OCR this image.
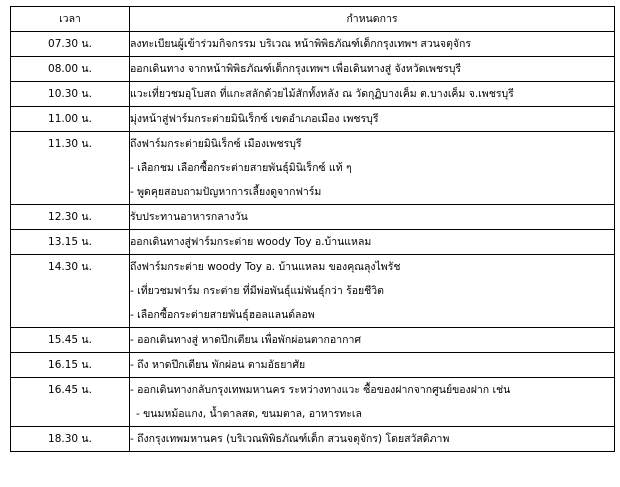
เวลา	กำหนดการ
07.30 น.	ลงทะเบียนผู้เข้าร่วมกิจกรรม บริเวณ หน้าพิพิธภัณฑ์เด็กกรุงเทพฯ สวนจตุจักร

08.00 น.	ออกเดินทาง จากหน้าพิพิธภัณฑ์เด็กกรุงเทพฯ เพื่อเดินทางสู่ จังหวัดเพชรบุรี

10.30 น.	แวะเที่ยวชมอุโบสถ ที่แกะสลักด้วยไม้สักทั้งหลัง ณ วัดกุฏิบางเค็ม ต.บางเค็ม จ.เพชรบุรี

11.00 น.	มุ่งหน้าสู่ฟาร์มกระต่ายมินิเร็กซ์ เขตอำเภอเมือง เพชรบุรี

11.30 น.	ถึงฟาร์มกระต่ายมินิเร็กซ์ เมืองเพชรบุรี
- เลือกชม เลือกซื้อกระต่ายสายพันธุ์มินิเร็กซ์ แท้ ๆ
- พูดคุยสอบถามปัญหาการเลี้ยงดูจากฟาร์ม

12.30 น.	รับประทานอาหารกลางวัน

13.15 น.	ออกเดินทางสู่ฟาร์มกระต่าย woody Toy อ.บ้านแหลม

14.30 น.	ถึงฟาร์มกระต่าย woody Toy อ. บ้านแหลม ของคุณลุงไพรัช
- เที่ยวชมฟาร์ม กระต่าย ที่มีพ่อพันธุ์แม่พันธุ์กว่า ร้อยชีวิต
- เลือกซื้อกระต่ายสายพันธุ์ฮอลแลนด์ลอพ

15.45 น.	- ออกเดินทางสู่ หาดปึกเตียน เพื่อพักผ่อนตากอากาศ

16.15 น.	- ถึง หาดปึกเตียน พักผ่อน ตามอัธยาศัย

16.45 น.	- ออกเดินทางกลับกรุงเทพมหานคร ระหว่างทางแวะ ซื้อของฝากจากศูนย์ของฝาก เช่น
- ขนมหม้อแกง, น้ำตาลสด, ขนมตาล, อาหารทะเล

18.30 น.	- ถึงกรุงเทพมหานคร (บริเวณพิพิธภัณฑ์เด็ก สวนจตุจักร) โดยสวัสดิภาพ
